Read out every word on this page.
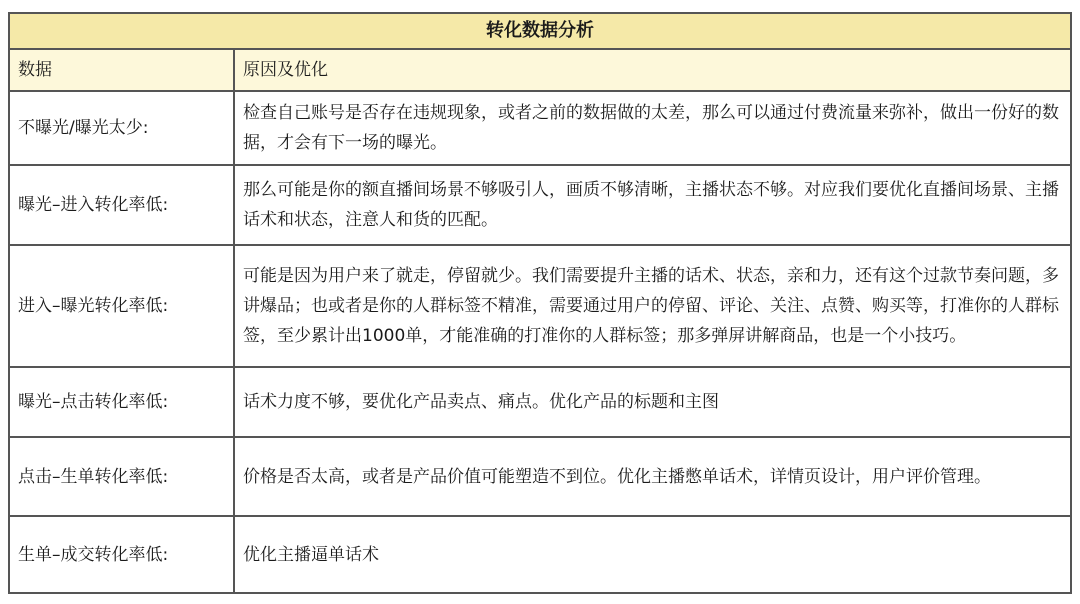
转化数据分析	
数据	原因及优化
不曝光/曝光太少:	检查自己账号是否存在违规现象，或者之前的数据做的太差，那么可以通过付费流量来弥补，做出一份好的数据，才会有下一场的曝光。
曝光–进入转化率低:	那么可能是你的额直播间场景不够吸引人，画质不够清晰，主播状态不够。对应我们要优化直播间场景、主播话术和状态，注意人和货的匹配。
进入–曝光转化率低:	可能是因为用户来了就走，停留就少。我们需要提升主播的话术、状态，亲和力，还有这个过款节奏问题，多讲爆品；也或者是你的人群标签不精准，需要通过用户的停留、评论、关注、点赞、购买等，打准你的人群标签，至少累计出1000单，才能准确的打准你的人群标签；那多弹屏讲解商品，也是一个小技巧。
曝光–点击转化率低:	话术力度不够，要优化产品卖点、痛点。优化产品的标题和主图
点击–生单转化率低:	价格是否太高，或者是产品价值可能塑造不到位。优化主播憋单话术，详情页设计，用户评价管理。
生单–成交转化率低:	优化主播逼单话术
